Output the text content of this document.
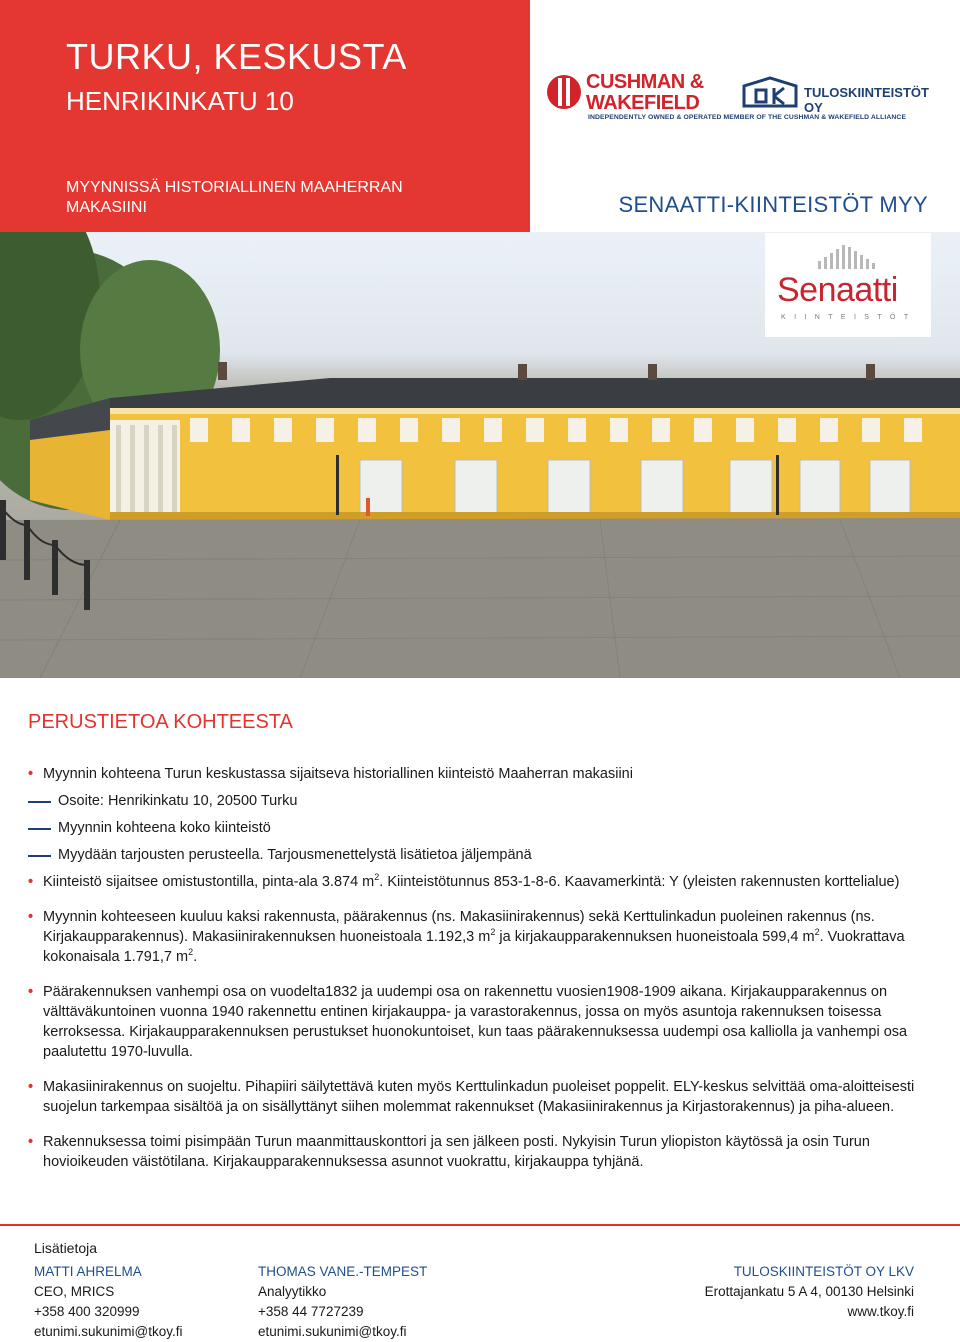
TURKU, KESKUSTA
HENRIKINKATU 10
MYYNNISSÄ HISTORIALLINEN MAAHERRAN MAKASIINI
CUSHMAN &
WAKEFIELD	TULOSKIINTEISTÖT OY
INDEPENDENTLY OWNED & OPERATED MEMBER OF THE CUSHMAN & WAKEFIELD ALLIANCE
SENAATTI-KIINTEISTÖT MYY
Senaatti
KIINTEISTÖT
PERUSTIETOA KOHTEESTA
• Myynnin kohteena Turun keskustassa sijaitseva historiallinen kiinteistö Maaherran makasiini
Osoite: Henrikinkatu 10, 20500 Turku
Myynnin kohteena koko kiinteistö
Myydään tarjousten perusteella. Tarjousmenettelystä lisätietoa jäljempänä
• Kiinteistö sijaitsee omistustontilla, pinta-ala 3.874 $m^2$. Kiinteistötunnus 853-1-8-6. Kaavamerkintä: Y (yleisten rakennusten korttelialue)
• Myynnin kohteeseen kuuluu kaksi rakennusta, päärakennus (ns. Makasiinirakennus) sekä Kerttulinkadun puoleinen rakennus (ns. Kirjakaupparakennus). Makasiinirakennuksen huoneistoala 1.192,3 $m^2$ ja kirjakaupparakennuksen huoneistoala 599,4 $m^2$. Vuokrattava kokonaisala 1.791,7 $m^2$.
• Päärakennuksen vanhempi osa on vuodelta1832 ja uudempi osa on rakennettu vuosien1908-1909 aikana. Kirjakaupparakennus on välttäväkuntoinen vuonna 1940 rakennettu entinen kirjakauppa- ja varastorakennus, jossa on myös asuntoja rakennuksen toisessa kerroksessa. Kirjakaupparakennuksen perustukset huonokuntoiset, kun taas päärakennuksessa uudempi osa kalliolla ja vanhempi osa paalutettu 1970-luvulla.
• Makasiinirakennus on suojeltu. Pihapiiri säilytettävä kuten myös Kerttulinkadun puoleiset poppelit. ELY-keskus selvittää oma-aloitteisesti suojelun tarkempaa sisältöä ja on sisällyttänyt siihen molemmat rakennukset (Makasiinirakennus ja Kirjastorakennus) ja piha-alueen.
• Rakennuksessa toimi pisimpään Turun maanmittauskonttori ja sen jälkeen posti. Nykyisin Turun yliopiston käytössä ja osin Turun hovioikeuden väistötilana. Kirjakaupparakennuksessa asunnot vuokrattu, kirjakauppa tyhjänä.
Lisätietoja
MATTI AHRELMA
CEO, MRICS
+358 400 320999
etunimi.sukunimi@tkoy.fi
THOMAS VANE.-TEMPEST
Analyytikko
+358 44 7727239
etunimi.sukunimi@tkoy.fi
TULOSKIINTEISTÖT OY LKV
Erottajankatu 5 A 4, 00130 Helsinki
www.tkoy.fi
